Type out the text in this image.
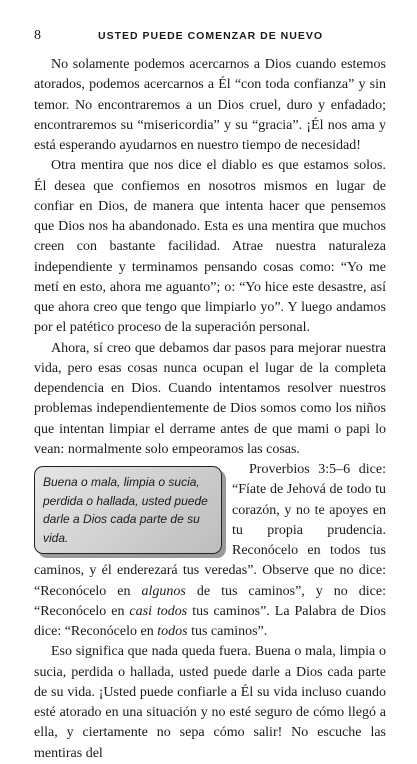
8	USTED PUEDE COMENZAR DE NUEVO

No solamente podemos acercarnos a Dios cuando estemos atorados, podemos acercarnos a Él “con toda confianza” y sin temor. No encontraremos a un Dios cruel, duro y enfadado; encontraremos su “misericordia” y su “gracia”. ¡Él nos ama y está esperando ayudarnos en nuestro tiempo de necesidad!

Otra mentira que nos dice el diablo es que estamos solos. Él desea que confiemos en nosotros mismos en lugar de confiar en Dios, de manera que intenta hacer que pensemos que Dios nos ha abandonado. Esta es una mentira que muchos creen con bastante facilidad. Atrae nuestra naturaleza independiente y terminamos pensando cosas como: “Yo me metí en esto, ahora me aguanto”; o: “Yo hice este desastre, así que ahora creo que tengo que limpiarlo yo”. Y luego andamos por el patético proceso de la superación personal.

Ahora, sí creo que debamos dar pasos para mejorar nuestra vida, pero esas cosas nunca ocupan el lugar de la completa dependencia en Dios. Cuando intentamos resolver nuestros problemas independientemente de Dios somos como los niños que intentan limpiar el derrame antes de que mami o papi lo vean: normalmente solo empeoramos las cosas.

Buena o mala, limpia o sucia, perdida o hallada, usted puede darle a Dios cada parte de su vida.
Proverbios 3:5–6 dice: “Fíate de Jehová de todo tu corazón, y no te apoyes en tu propia prudencia. Reconócelo en todos tus caminos, y él enderezará tus veredas”. Observe que no dice: “Reconócelo en algunos de tus caminos”, y no dice: “Reconócelo en casi todos tus caminos”. La Palabra de Dios dice: “Reconócelo en todos tus caminos”.

Eso significa que nada queda fuera. Buena o mala, limpia o sucia, perdida o hallada, usted puede darle a Dios cada parte de su vida. ¡Usted puede confiarle a Él su vida incluso cuando esté atorado en una situación y no esté seguro de cómo llegó a ella, y ciertamente no sepa cómo salir! No escuche las mentiras del
